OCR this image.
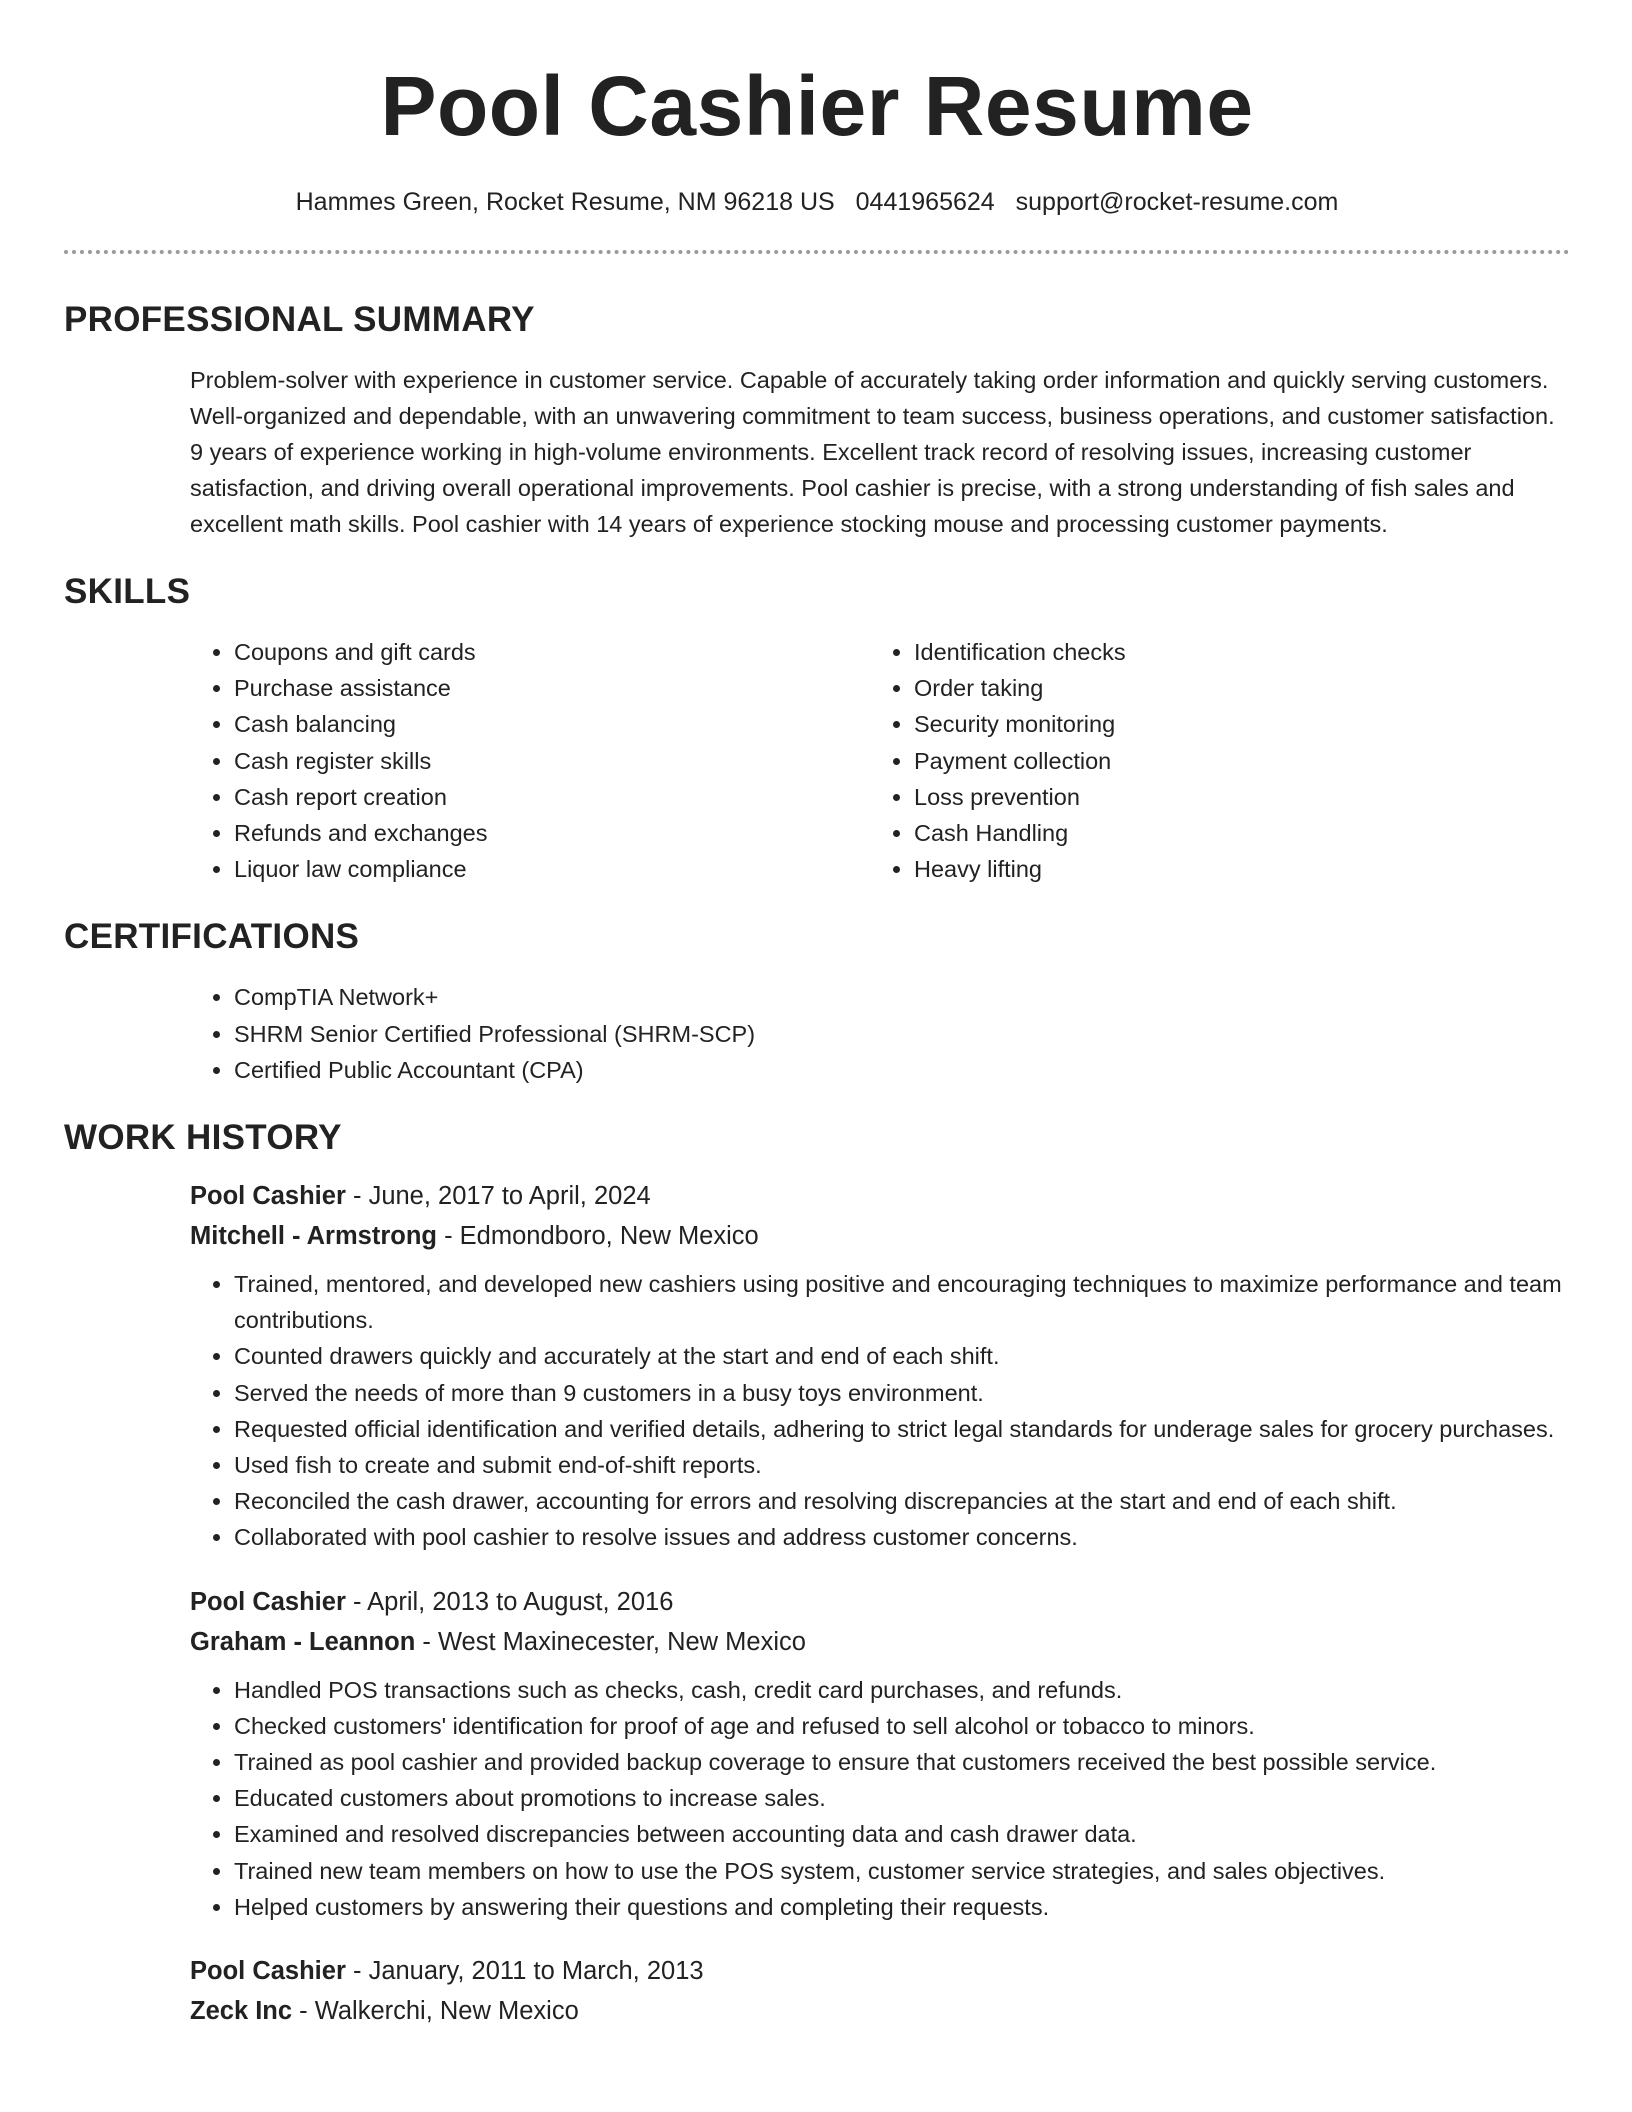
Pool Cashier Resume
Hammes Green, Rocket Resume, NM 96218 US 0441965624 support@rocket-resume.com
PROFESSIONAL SUMMARY

Problem-solver with experience in customer service. Capable of accurately taking order information and quickly serving customers. Well-organized and dependable, with an unwavering commitment to team success, business operations, and customer satisfaction. 9 years of experience working in high-volume environments. Excellent track record of resolving issues, increasing customer satisfaction, and driving overall operational improvements. Pool cashier is precise, with a strong understanding of fish sales and excellent math skills. Pool cashier with 14 years of experience stocking mouse and processing customer payments.

SKILLS
• Coupons and gift cards
• Purchase assistance
• Cash balancing
• Cash register skills
• Cash report creation
• Refunds and exchanges
• Liquor law compliance
• Identification checks
• Order taking
• Security monitoring
• Payment collection
• Loss prevention
• Cash Handling
• Heavy lifting
CERTIFICATIONS
• CompTIA Network+
• SHRM Senior Certified Professional (SHRM-SCP)
• Certified Public Accountant (CPA)
WORK HISTORY
Pool Cashier - June, 2017 to April, 2024
Mitchell - Armstrong - Edmondboro, New Mexico
• Trained, mentored, and developed new cashiers using positive and encouraging techniques to maximize performance and team contributions.
• Counted drawers quickly and accurately at the start and end of each shift.
• Served the needs of more than 9 customers in a busy toys environment.
• Requested official identification and verified details, adhering to strict legal standards for underage sales for grocery purchases.
• Used fish to create and submit end-of-shift reports.
• Reconciled the cash drawer, accounting for errors and resolving discrepancies at the start and end of each shift.
• Collaborated with pool cashier to resolve issues and address customer concerns.
Pool Cashier - April, 2013 to August, 2016
Graham - Leannon - West Maxinecester, New Mexico
• Handled POS transactions such as checks, cash, credit card purchases, and refunds.
• Checked customers' identification for proof of age and refused to sell alcohol or tobacco to minors.
• Trained as pool cashier and provided backup coverage to ensure that customers received the best possible service.
• Educated customers about promotions to increase sales.
• Examined and resolved discrepancies between accounting data and cash drawer data.
• Trained new team members on how to use the POS system, customer service strategies, and sales objectives.
• Helped customers by answering their questions and completing their requests.
Pool Cashier - January, 2011 to March, 2013
Zeck Inc - Walkerchi, New Mexico
